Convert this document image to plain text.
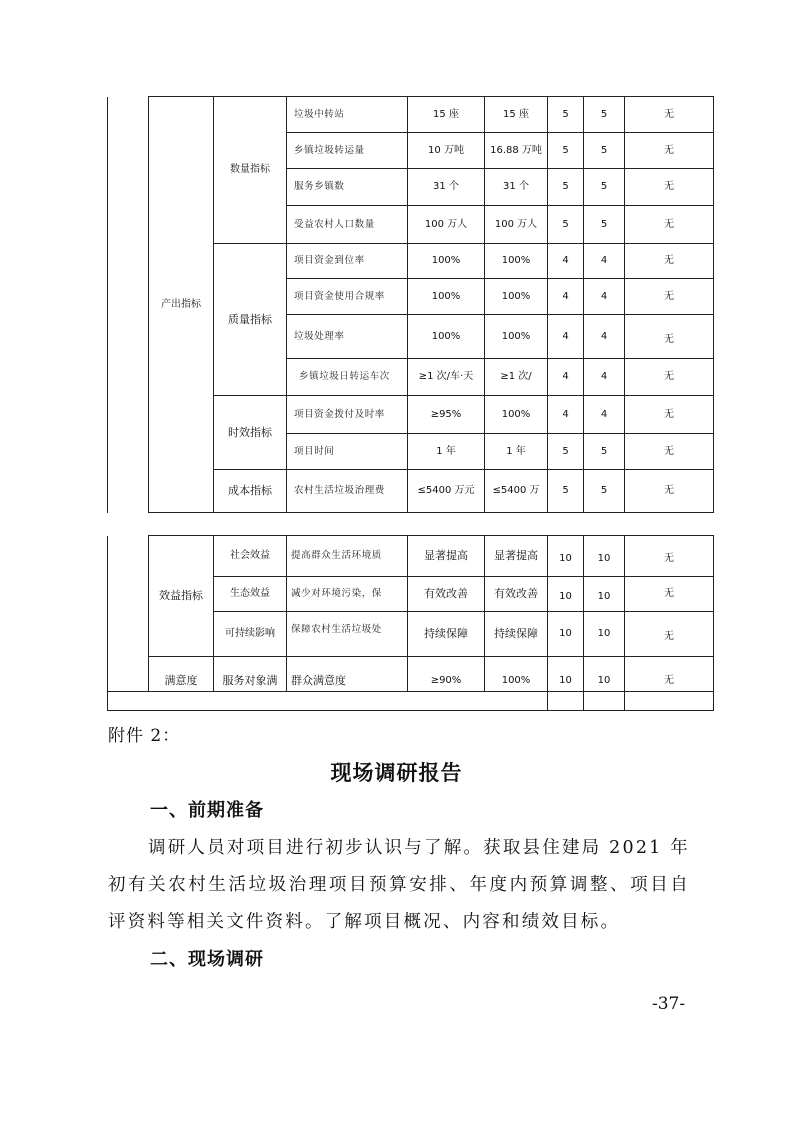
	产出指标	数量指标	垃圾中转站	15 座	15 座	5	5	无
			乡镇垃圾转运量	10 万吨	16.88 万吨	5	5	无
			服务乡镇数	31 个	31 个	5	5	无
			受益农村人口数量	100 万人	100 万人	5	5	无
		质量指标	项目资金到位率	100%	100%	4	4	无
			项目资金使用合规率	100%	100%	4	4	无
			垃圾处理率	100%	100%	4	4	无
			乡镇垃圾日转运车次	≥1 次/车·天	≥1 次/	4	4	无
		时效指标	项目资金拨付及时率	≥95%	100%	4	4	无
			项目时间	1 年	1 年	5	5	无
		成本指标	农村生活垃圾治理费	≤5400 万元	≤5400 万	5	5	无
	效益指标	社会效益	提高群众生活环境质	显著提高	显著提高	10	10	无
		生态效益	减少对环境污染，保	有效改善	有效改善	10	10	无
		可持续影响	保障农村生活垃圾处	持续保障	持续保障	10	10	无
	满意度	服务对象满	群众满意度	≥90%	100%	10	10	无

附件 2：
现场调研报告
一、前期准备
调研人员对项目进行初步认识与了解。获取县住建局 2021 年初有关农村生活垃圾治理项目预算安排、年度内预算调整、项目自评资料等相关文件资料。了解项目概况、内容和绩效目标。
二、现场调研
-37-
